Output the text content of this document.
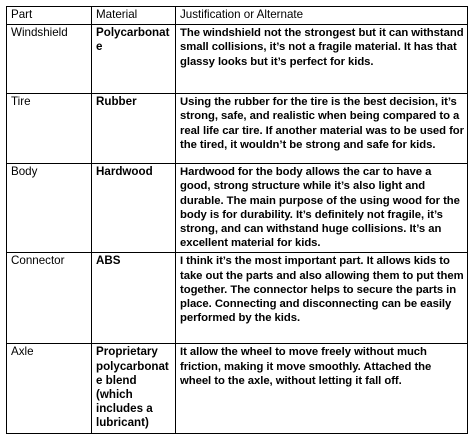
Part	Material	Justification or Alternate
Windshield	Polycarbonate	The windshield not the strongest but it can withstand small collisions, it’s not a fragile material. It has that glassy looks but it’s perfect for kids.
Tire	Rubber	Using the rubber for the tire is the best decision, it’s strong, safe, and realistic when being compared to a real life car tire. If another material was to be used for the tired, it wouldn’t be strong and safe for kids.
Body	Hardwood	Hardwood for the body allows the car to have a good, strong structure while it’s also light and durable. The main purpose of the using wood for the body is for durability. It’s definitely not fragile, it’s strong, and can withstand huge collisions. It’s an excellent material for kids.
Connector	ABS	I think it’s the most important part. It allows kids to take out the parts and also allowing them to put them together. The connector helps to secure the parts in place. Connecting and disconnecting can be easily performed by the kids.
Axle	Proprietary polycarbonate blend (which includes a lubricant)	It allow the wheel to move freely without much friction, making it move smoothly. Attached the wheel to the axle, without letting it fall off.
